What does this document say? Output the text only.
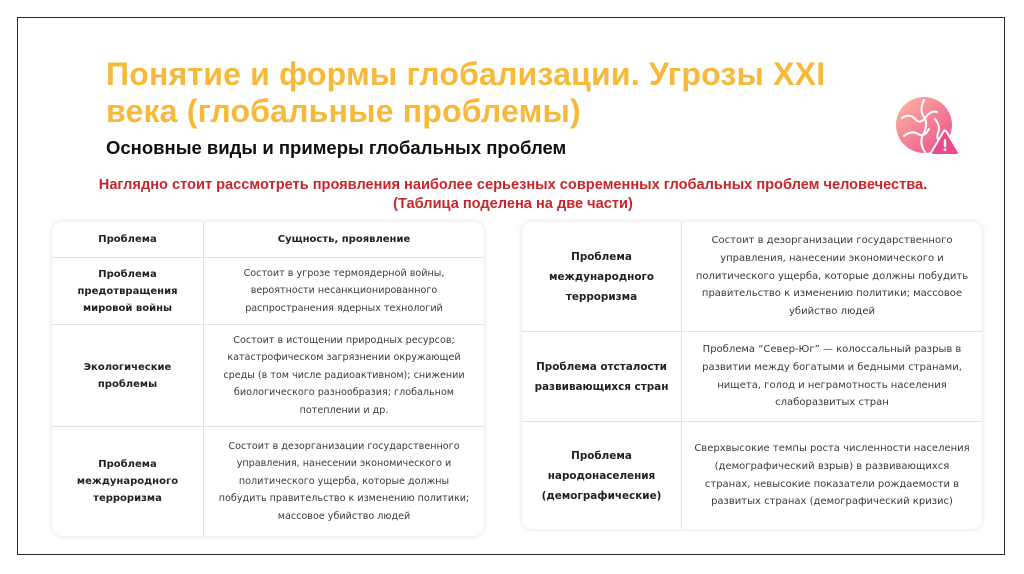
Понятие и формы глобализации. Угрозы XXI века (глобальные проблемы)
Основные виды и примеры глобальных проблем

Наглядно стоит рассмотреть проявления наиболее серьезных современных глобальных проблем человечества. (Таблица поделена на две части)

Проблема	Сущность, проявление
Проблема предотвращения мировой войны
Состоит в угрозе термоядерной войны, вероятности несанкционированного распространения ядерных технологий
Экологические проблемы
Состоит в истощении природных ресурсов; катастрофическом загрязнении окружающей среды (в том числе радиоактивном); снижении биологического разнообразия; глобальном потеплении и др.
Проблема международного терроризма
Состоит в дезорганизации государственного управления, нанесении экономического и политического ущерба, которые должны побудить правительство к изменению политики; массовое убийство людей
Проблема международного терроризма
Состоит в дезорганизации государственного управления, нанесении экономического и политического ущерба, которые должны побудить правительство к изменению политики; массовое убийство людей
Проблема отсталости развивающихся стран
Проблема “Север-Юг” — колоссальный разрыв в развитии между богатыми и бедными странами, нищета, голод и неграмотность населения слаборазвитых стран
Проблема народонаселения (демографические)
Сверхвысокие темпы роста численности населения (демографический взрыв) в развивающихся странах, невысокие показатели рождаемости в развитых странах (демографический кризис)
